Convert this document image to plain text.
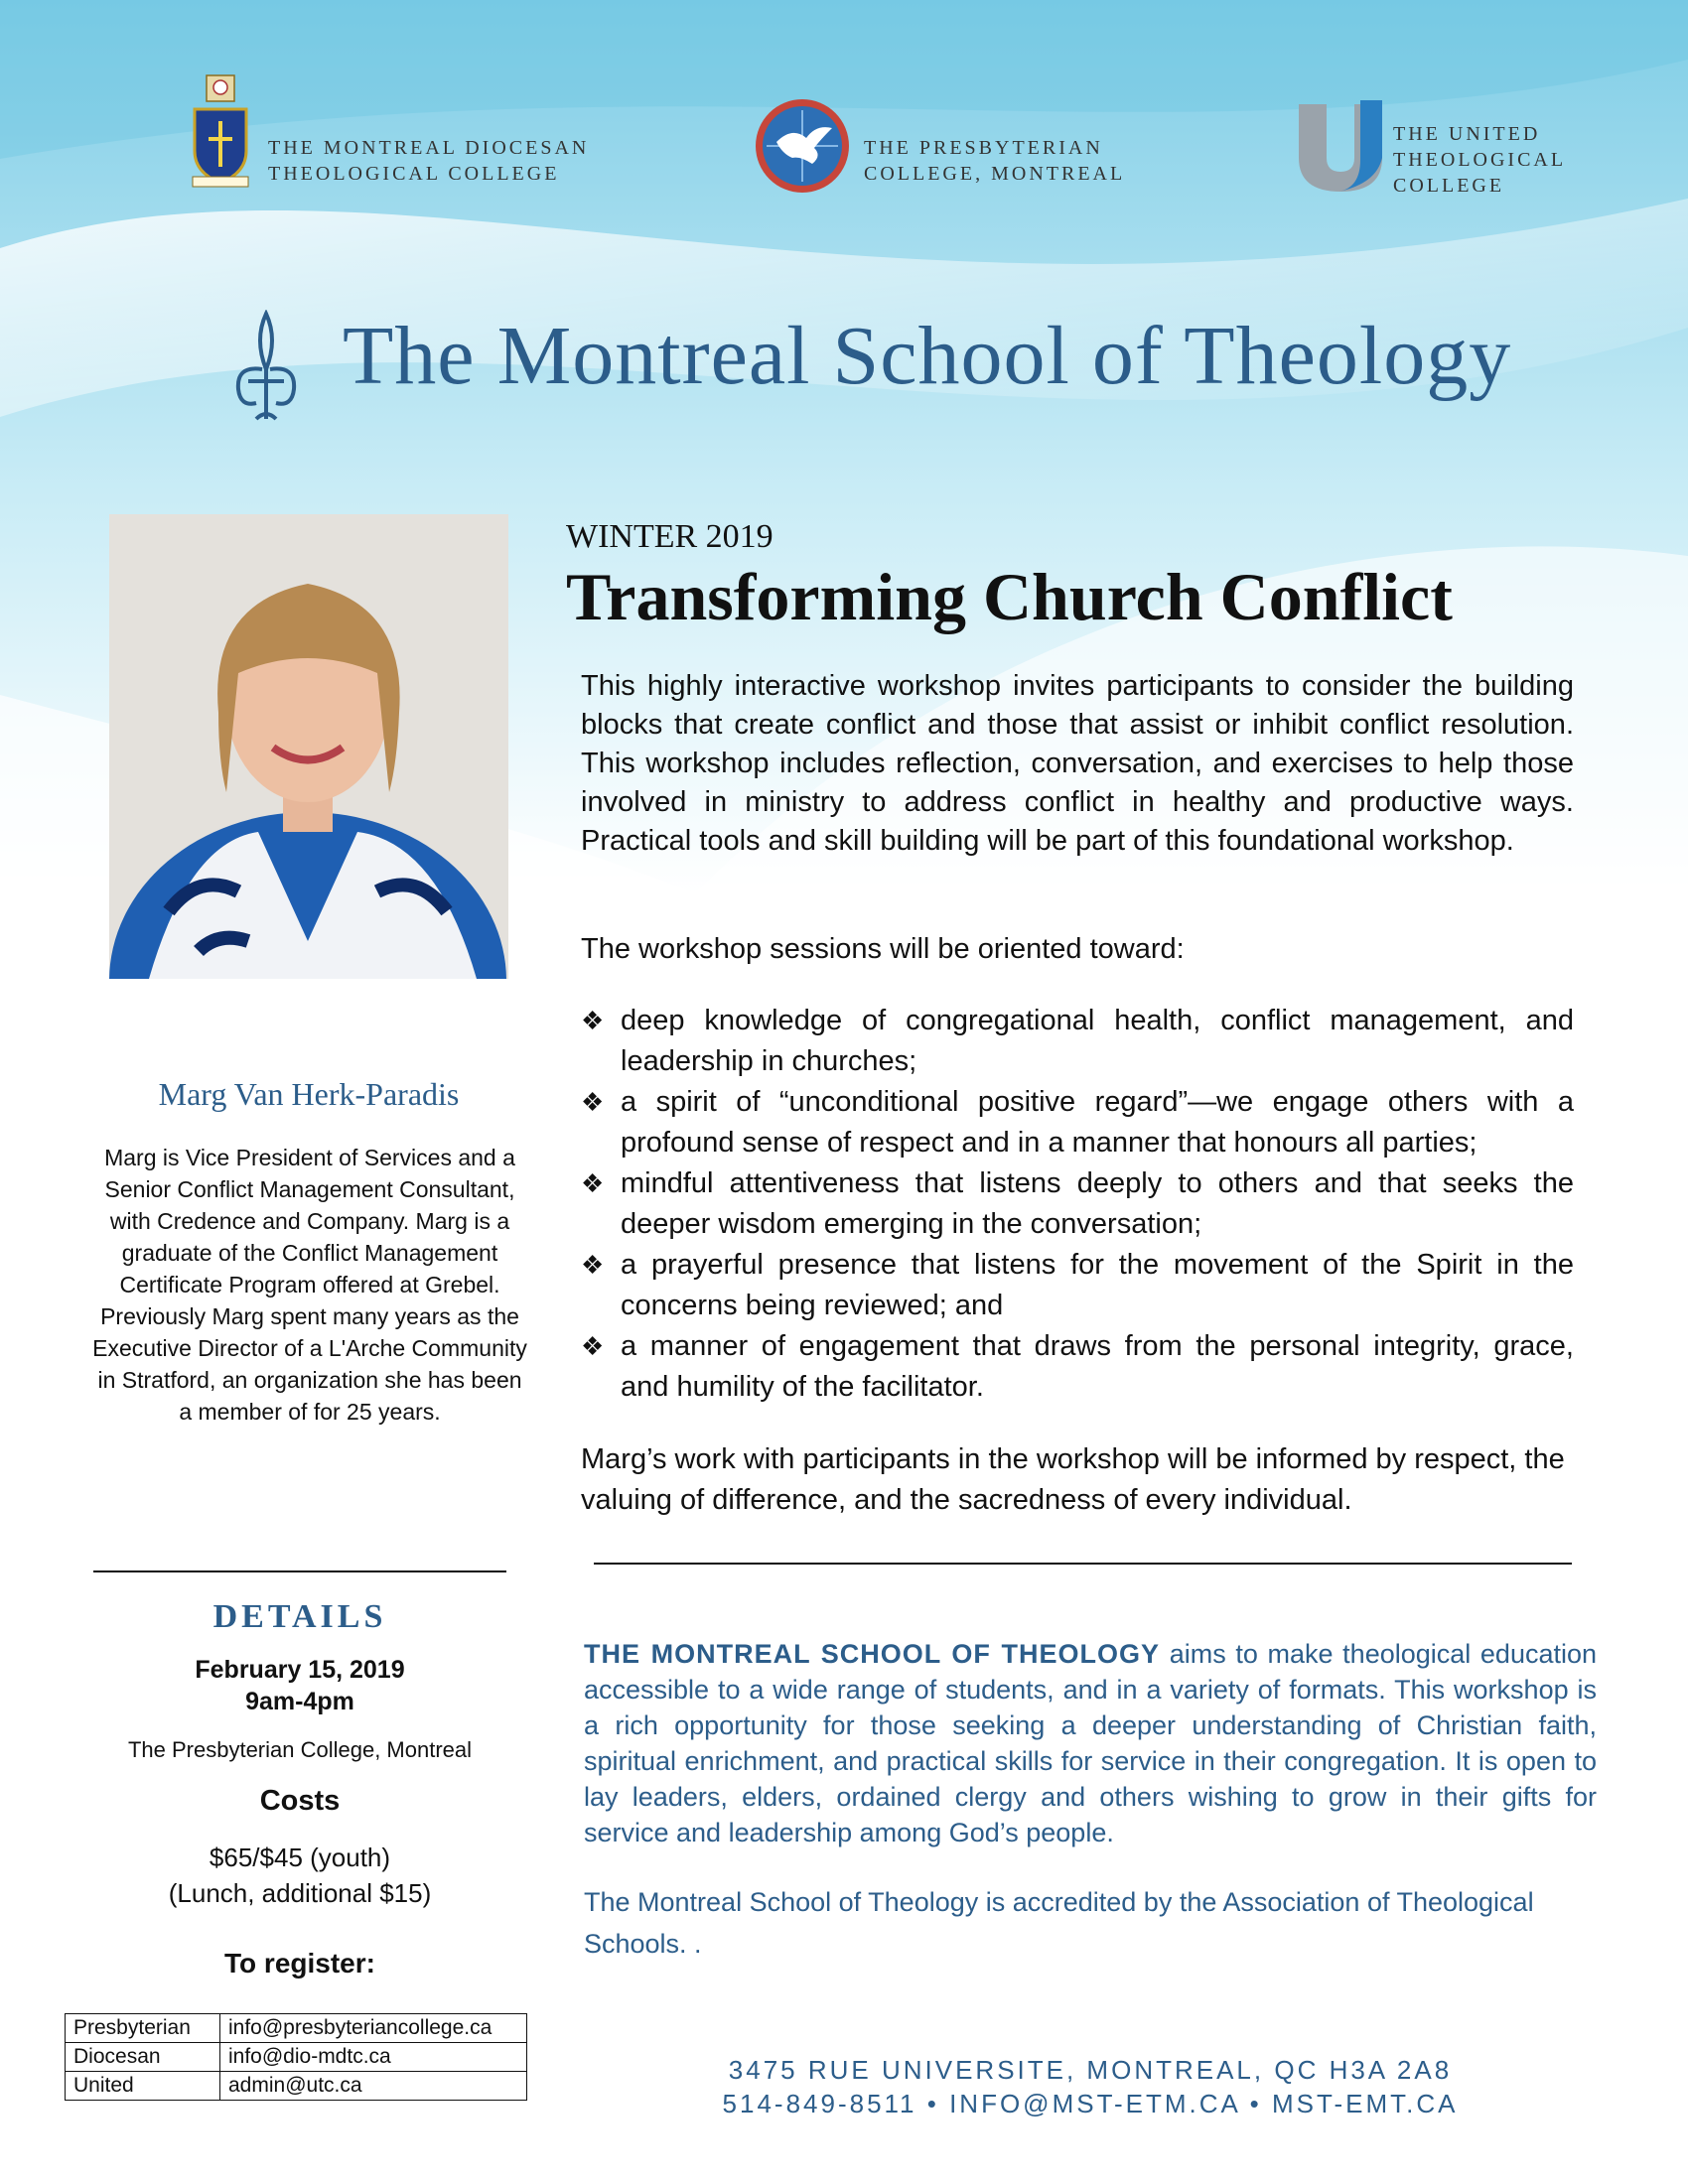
THE MONTREAL DIOCESAN
THEOLOGICAL COLLEGE
THE PRESBYTERIAN
COLLEGE, MONTREAL
THE UNITED
THEOLOGICAL
COLLEGE
The Montreal School of Theology
WINTER 2019
Transforming Church Conflict
This highly interactive workshop invites participants to consider the building blocks that create conflict and those that assist or inhibit conflict resolution. This workshop includes reflection, conversation, and exercises to help those involved in ministry to address conflict in healthy and productive ways. Practical tools and skill building will be part of this foundational workshop.
The workshop sessions will be oriented toward:
❖ deep knowledge of congregational health, conflict management, and leadership in churches;
❖ a spirit of “unconditional positive regard”—we engage others with a profound sense of respect and in a manner that honours all parties;
❖ mindful attentiveness that listens deeply to others and that seeks the deeper wisdom emerging in the conversation;
❖ a prayerful presence that listens for the movement of the Spirit in the concerns being reviewed; and
❖ a manner of engagement that draws from the personal integrity, grace, and humility of the facilitator.
Marg’s work with participants in the workshop will be informed by respect, the valuing of difference, and the sacredness of every individual.
Marg Van Herk-Paradis
Marg is Vice President of Services and a Senior Conflict Management Consultant, with Credence and Company. Marg is a graduate of the Conflict Management Certificate Program offered at Grebel. Previously Marg spent many years as the Executive Director of a L'Arche Community in Stratford, an organization she has been a member of for 25 years.
DETAILS
February 15, 2019
9am-4pm
The Presbyterian College, Montreal
Costs
$65/$45 (youth)
(Lunch, additional $15)
To register:
Presbyterian	info@presbyteriancollege.ca
Diocesan	info@dio-mdtc.ca
United	admin@utc.ca
THE MONTREAL SCHOOL OF THEOLOGY aims to make theological education accessible to a wide range of students, and in a variety of formats. This workshop is a rich opportunity for those seeking a deeper understanding of Christian faith, spiritual enrichment, and practical skills for service in their congregation. It is open to lay leaders, elders, ordained clergy and others wishing to grow in their gifts for service and leadership among God’s people.
The Montreal School of Theology is accredited by the Association of Theological Schools. .
3475 RUE UNIVERSITE, MONTREAL, QC H3A 2A8
514-849-8511 • INFO@MST-ETM.CA • MST-EMT.CA
